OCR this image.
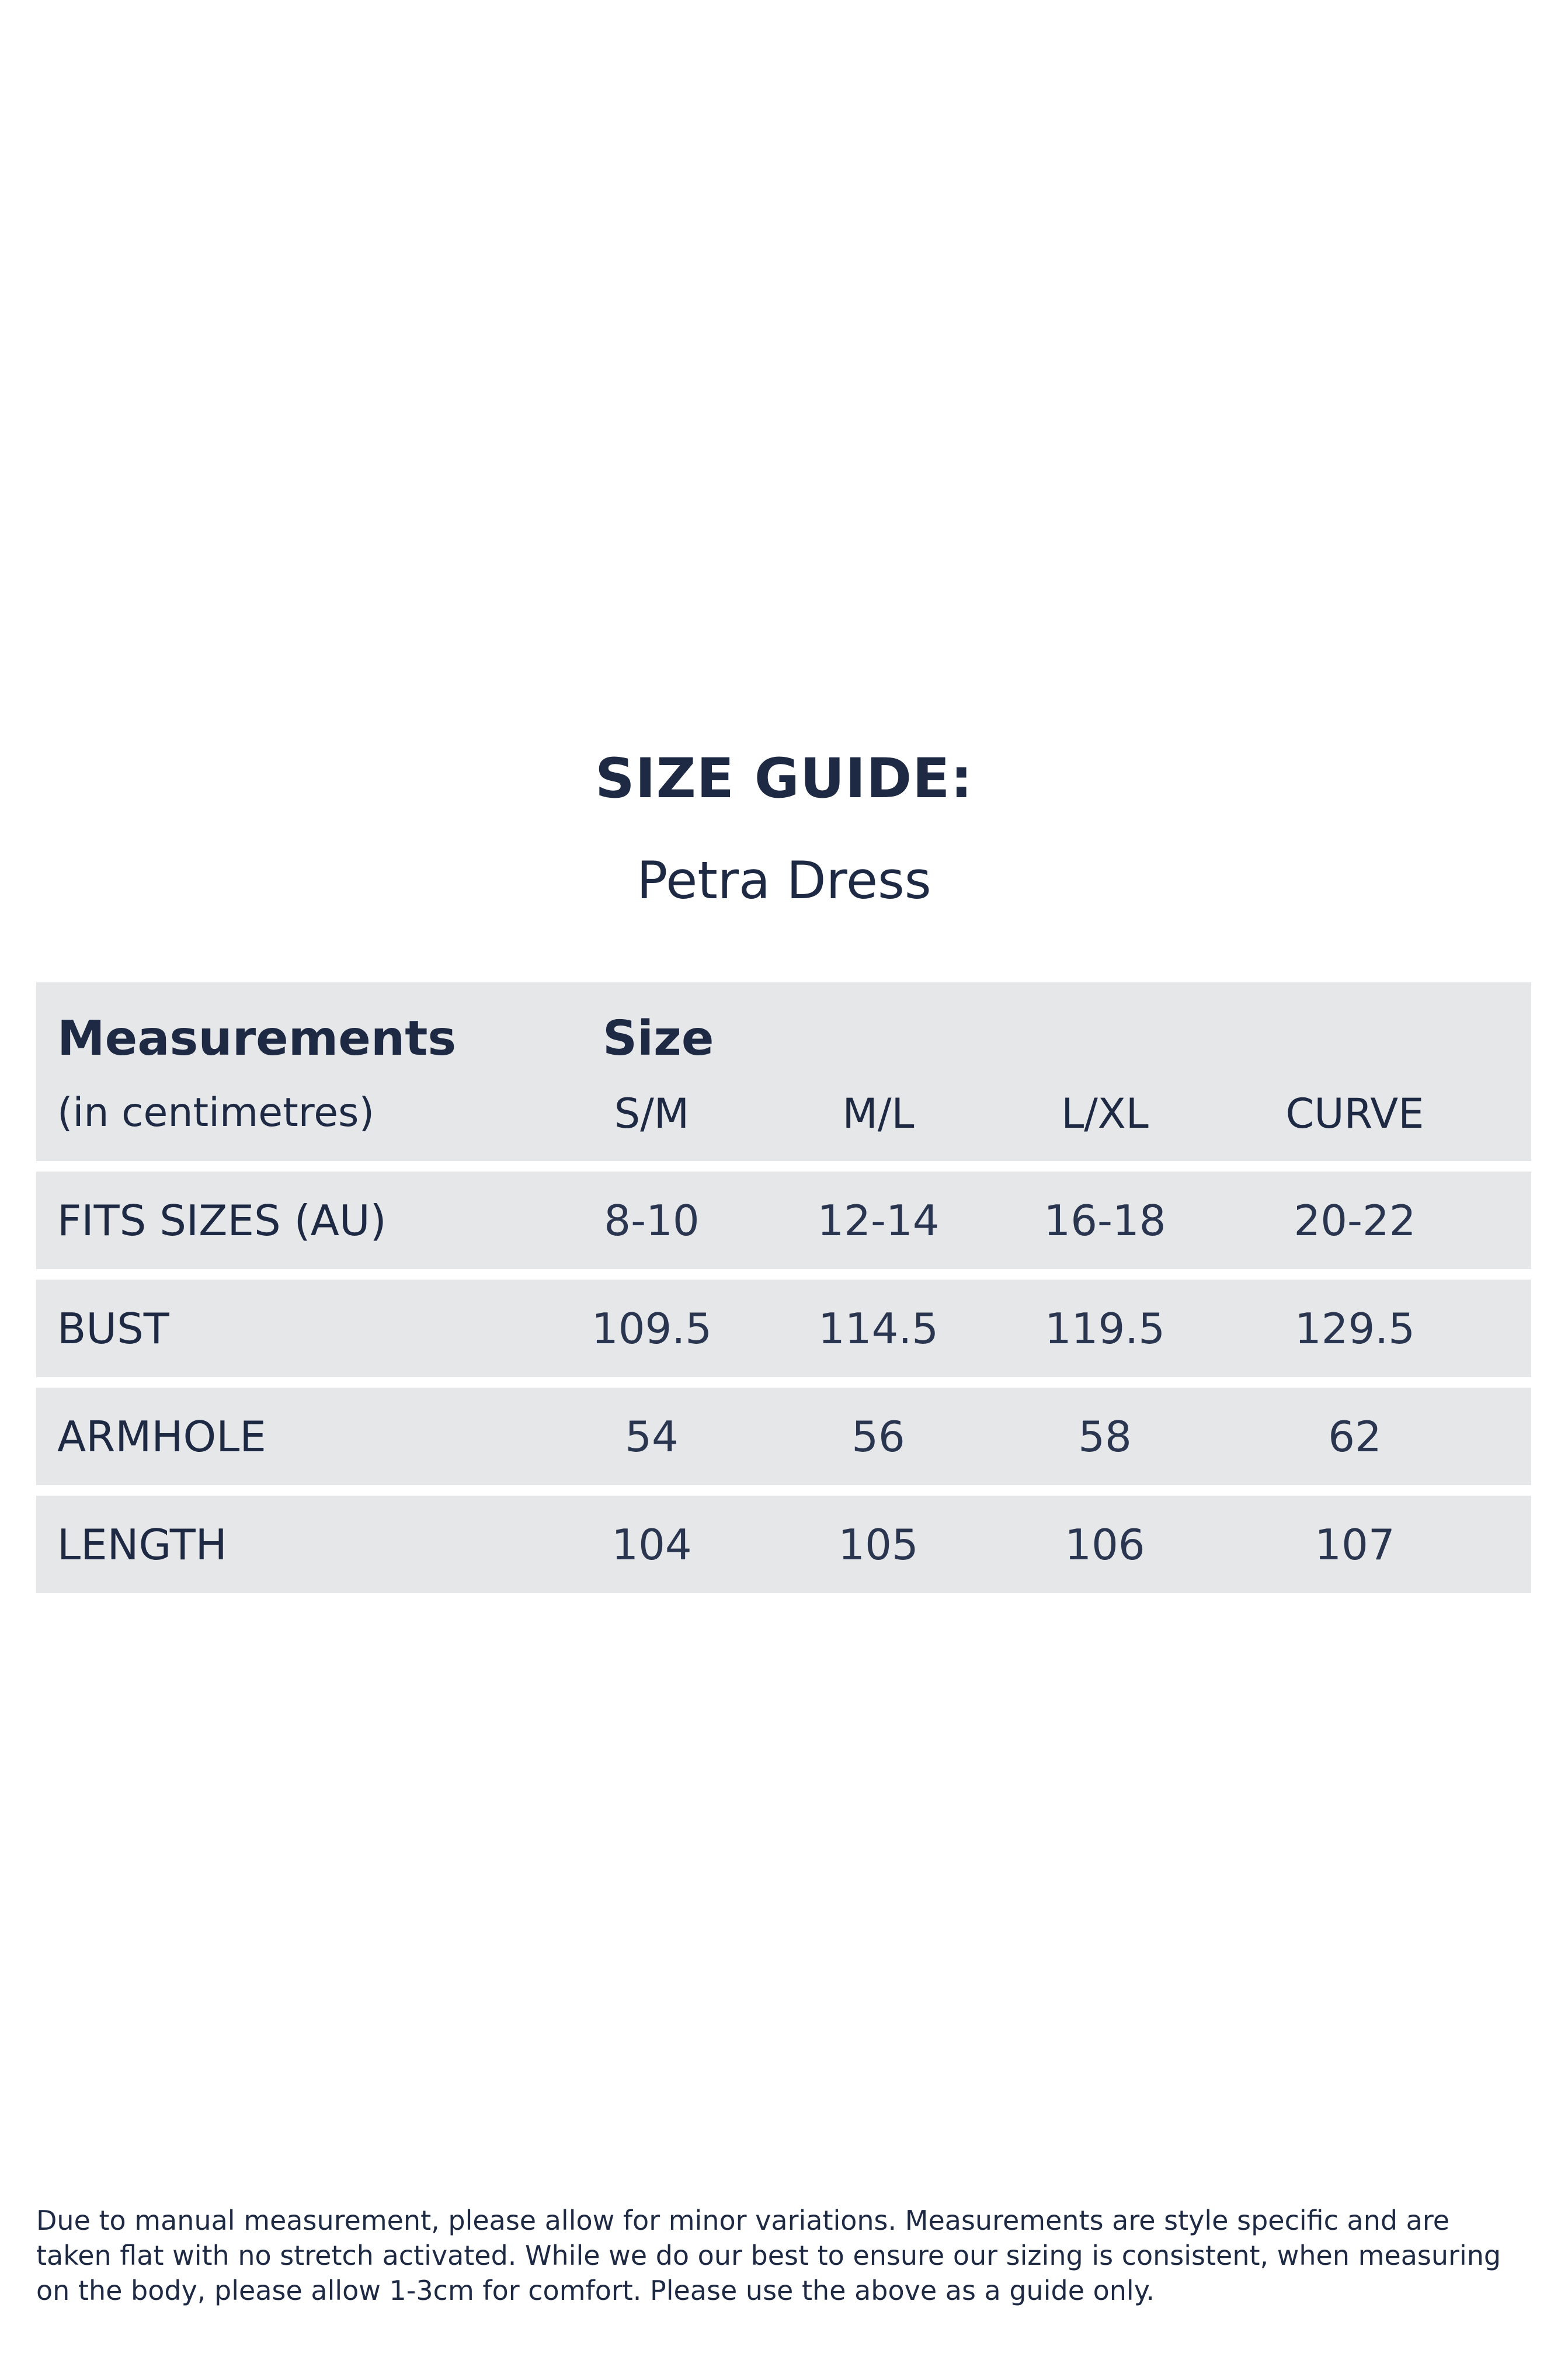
SIZE GUIDE:
Petra Dress
Measurements
(in centimetres)
Size
S/M	M/L	L/XL	CURVE
FITS SIZES (AU)	8-10	12-14	16-18	20-22
BUST	109.5	114.5	119.5	129.5
ARMHOLE	54	56	58	62
LENGTH	104	105	106	107
Due to manual measurement, please allow for minor variations. Measurements are style specific and are taken flat with no stretch activated. While we do our best to ensure our sizing is consistent, when measuring on the body, please allow 1-3cm for comfort. Please use the above as a guide only.
